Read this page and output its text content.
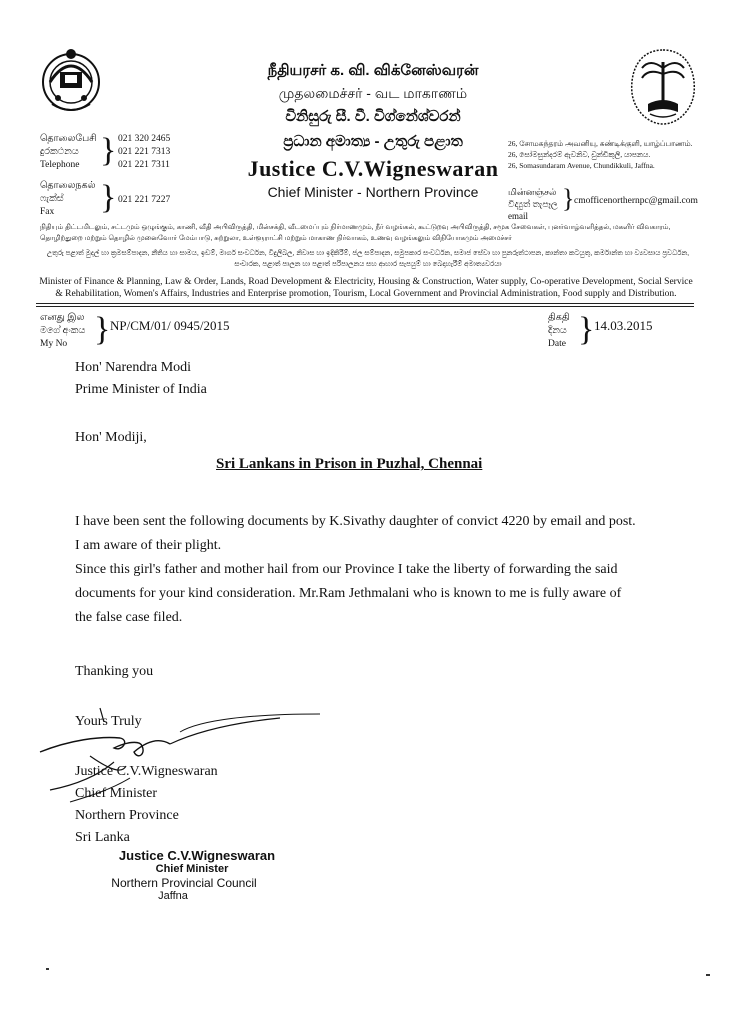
நீதியரசர் க. வி. விக்னேஸ்வரன்
முதலமைச்சர் - வட மாகாணம்
විනිසුරු සී. වී. විග්නේශ්වරන්
ප්‍රධාන අමාත්‍ය - උතුරු පළාත
Justice C.V.Wigneswaran
Chief Minister - Northern Province
தொலைபேசி
දුරකථනය
Telephone } 021 320 2465
021 221 7313
021 221 7311
தொலைநகல்
ෆැක්ස්
Fax	} 021 221 7227
26, சோமசுந்தரம் அவனியு, சுண்டிக்குளி, யாழ்ப்பாணம்.
26, සෝමසුන්දරම් ඇවනිව, චුන්ඩිකුලි, යාපනය.
26, Somasundaram Avenue, Chundikkuli, Jaffna.
மின்னஞ்சல்
විද්‍යුත් තැපෑල
email
} cmofficenorthernpc@gmail.com
நிதியும் திட்டமிடலும், சட்டமும் ஒழுங்கும், காணி, வீதி அபிவிருத்தி, மின்சக்தி, வீடமைப்பும் நிர்மாணமும், நீர் வழங்கல், கூட்டுறவு அபிவிருத்தி, சமூக சேவைகள், புனர்வாழ்வளித்தல், மகளிர் விவகாரம், தொழிற்துறை மற்றும் தொழில் முனைவோர் மேம்பாடு, சுற்றுலா, உள்ளூராட்சி மற்றும் மாகாண நிர்வாகம், உணவு வழங்கலும் விநியோகமும் அமைச்சர்
උතුරු පළාත් මුදල් හා ක්‍රමසම්පාදන, නීතිය හා සාමය, ඉඩම්, මාර්ග සංවර්ධන, විදුලිබල, නිවාස හා ඉදිකිරීම්, ජල සම්පාදන, සමුපකාර සංවර්ධන, සමාජ සේවා හා පුනරුත්ථාපන, කාන්තා කටයුතු, කර්මාන්ත හා ව්‍යවසාය ප්‍රවර්ධන, සංචාරක, පළාත් පාලන හා පළාත් පරිපාලනය සහ ආහාර සැපයුම් හා බෙදාහැරීම් අමාත්‍යවරයා
Minister of Finance & Planning, Law & Order, Lands, Road Development & Electricity, Housing & Construction, Water supply, Co-operative Development, Social Service & Rehabilitation, Women's Affairs, Industries and Enterprise promotion, Tourism, Local Government and Provincial Administration, Food supply and Distribution.
எனது இல
මගේ අංකය
My No } NP/CM/01/ 0945/2015	திகதி
දිනය
Date } 14.03.2015
Hon' Narendra Modi
Prime Minister of India
Hon' Modiji,
Sri Lankans in Prison in Puzhal, Chennai
I have been sent the following documents by K.Sivathy daughter of convict 4220 by email and post.
I am aware of their plight.
Since this girl's father and mother hail from our Province I take the liberty of forwarding the said
documents for your kind consideration. Mr.Ram Jethmalani who is known to me is fully aware of
the false case filed.
Thanking you
Yours Truly
Justice C.V.Wigneswaran
Chief Minister
Northern Province
Sri Lanka
Justice C.V.Wigneswaran
Chief Minister
Northern Provincial Council
Jaffna
